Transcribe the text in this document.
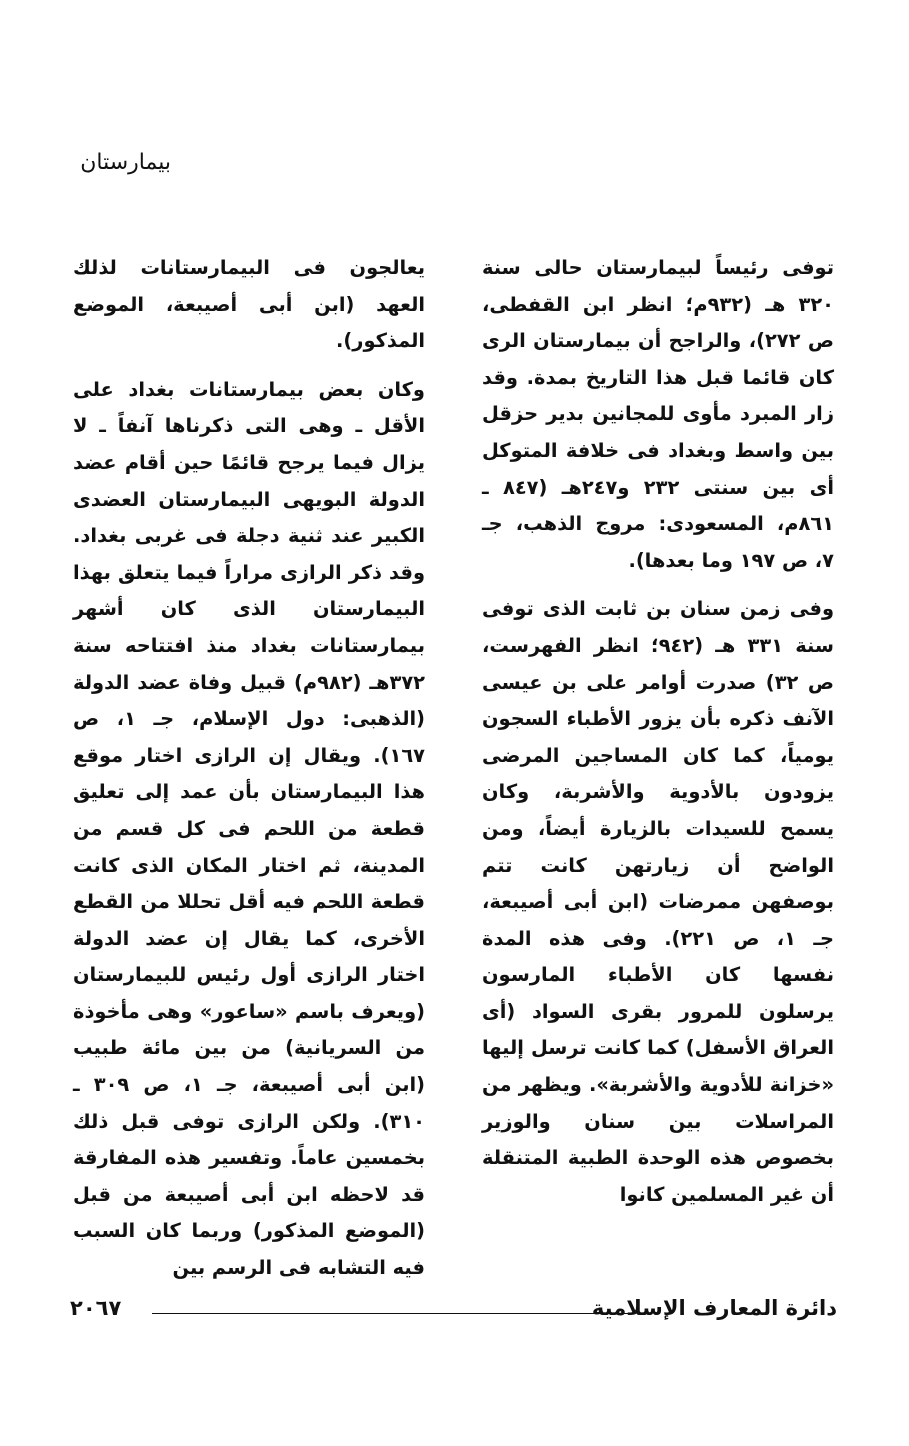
بيمارستان

توفى رئيساً لبيمارستان حالى سنة ٣٢٠ هـ (٩٣٢م؛ انظر ابن القفطى، ص ٢٧٢)، والراجح أن بيمارستان الرى كان قائما قبل هذا التاريخ بمدة. وقد زار المبرد مأوى للمجانين بدير حزقل بين واسط وبغداد فى خلافة المتوكل أى بين سنتى ٢٣٢ و٢٤٧هـ (٨٤٧ ـ ٨٦١م، المسعودى: مروج الذهب، جـ ٧، ص ١٩٧ وما بعدها).

وفى زمن سنان بن ثابت الذى توفى سنة ٣٣١ هـ (٩٤٢؛ انظر الفهرست، ص ٣٢) صدرت أوامر على بن عيسى الآنف ذكره بأن يزور الأطباء السجون يومياً، كما كان المساجين المرضى يزودون بالأدوية والأشربة، وكان يسمح للسيدات بالزيارة أيضاً، ومن الواضح أن زيارتهن كانت تتم بوصفهن ممرضات (ابن أبى أصيبعة، جـ ١، ص ٢٢١). وفى هذه المدة نفسها كان الأطباء المارسون يرسلون للمرور بقرى السواد (أى العراق الأسفل) كما كانت ترسل إليها «خزانة للأدوية والأشربة». ويظهر من المراسلات بين سنان والوزير بخصوص هذه الوحدة الطبية المتنقلة أن غير المسلمين كانوا

يعالجون فى البيمارستانات لذلك العهد (ابن أبى أصيبعة، الموضع المذكور).

وكان بعض بيمارستانات بغداد على الأقل ـ وهى التى ذكرناها آنفاً ـ لا يزال فيما يرجح قائمًا حين أقام عضد الدولة البويهى البيمارستان العضدى الكبير عند ثنية دجلة فى غربى بغداد. وقد ذكر الرازى مراراً فيما يتعلق بهذا البيمارستان الذى كان أشهر بيمارستانات بغداد منذ افتتاحه سنة ٣٧٢هـ (٩٨٢م) قبيل وفاة عضد الدولة (الذهبى: دول الإسلام، جـ ١، ص ١٦٧). ويقال إن الرازى اختار موقع هذا البيمارستان بأن عمد إلى تعليق قطعة من اللحم فى كل قسم من المدينة، ثم اختار المكان الذى كانت قطعة اللحم فيه أقل تحللا من القطع الأخرى، كما يقال إن عضد الدولة اختار الرازى أول رئيس للبيمارستان (ويعرف باسم «ساعور» وهى مأخوذة من السريانية) من بين مائة طبيب (ابن أبى أصيبعة، جـ ١، ص ٣٠٩ ـ ٣١٠). ولكن الرازى توفى قبل ذلك بخمسين عاماً. وتفسير هذه المفارقة قد لاحظه ابن أبى أصيبعة من قبل (الموضع المذكور) وربما كان السبب فيه التشابه فى الرسم بين

دائرة المعارف الإسلامية
٢٠٦٧
